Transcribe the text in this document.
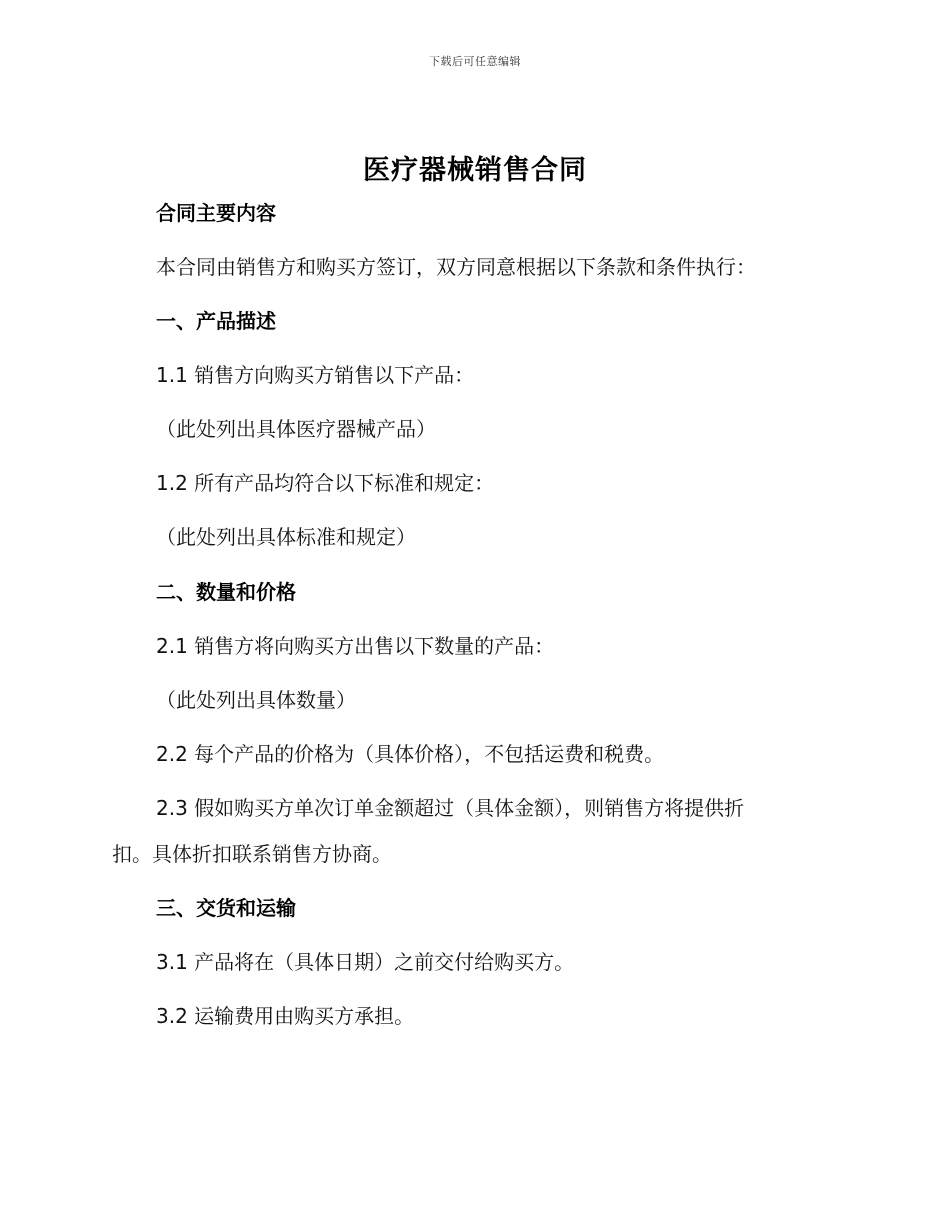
下载后可任意编辑
医疗器械销售合同
合同主要内容
本合同由销售方和购买方签订，双方同意根据以下条款和条件执行：
一、产品描述
1.1 销售方向购买方销售以下产品：
（此处列出具体医疗器械产品）
1.2 所有产品均符合以下标准和规定：
（此处列出具体标准和规定）
二、数量和价格
2.1 销售方将向购买方出售以下数量的产品：
（此处列出具体数量）
2.2 每个产品的价格为（具体价格），不包括运费和税费。
2.3 假如购买方单次订单金额超过（具体金额），则销售方将提供折
扣。具体折扣联系销售方协商。
三、交货和运输
3.1 产品将在（具体日期）之前交付给购买方。
3.2 运输费用由购买方承担。
